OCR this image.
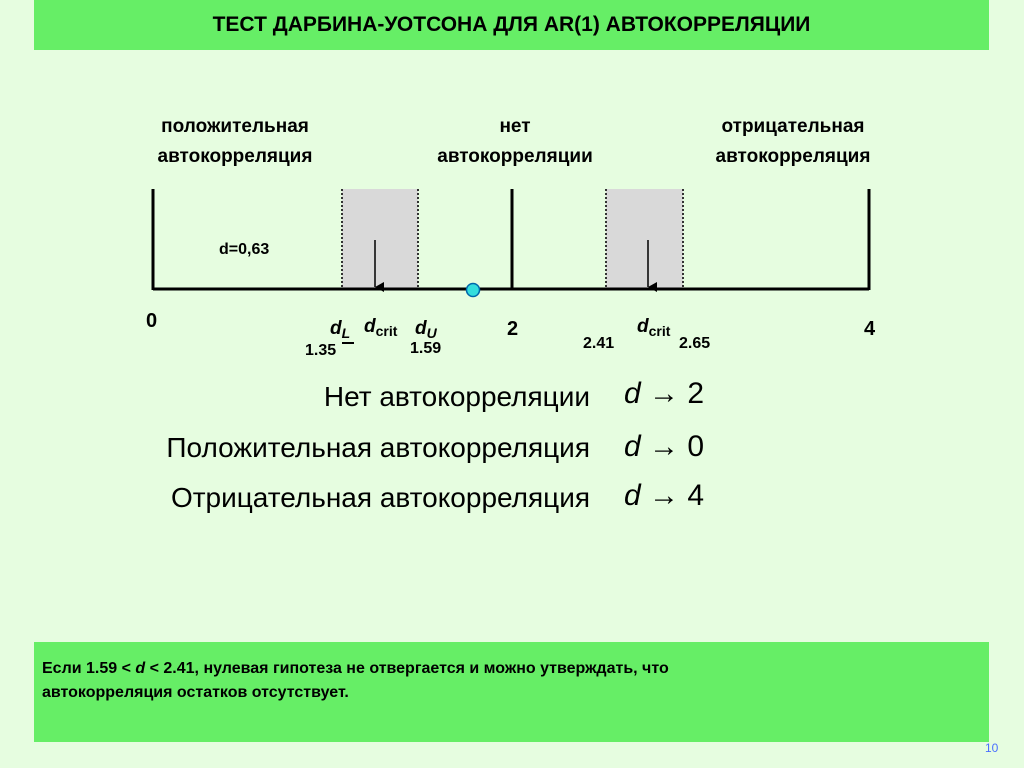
ТЕСТ ДАРБИНА-УОТСОНА ДЛЯ AR(1) АВТОКОРРЕЛЯЦИИ
положительная
автокорреляция
нет
автокорреляции
отрицательная
автокорреляция
d=0,63
0	2	4
$d_L$ $d_{crit}$ $d_U$
1.35	1.59	2.41
$d_{crit}$
2.65
Нет автокорреляции d → 2
Положительная автокорреляция d → 0
Отрицательная автокорреляция d → 4
Если 1.59 < d < 2.41, нулевая гипотеза не отвергается и можно утверждать, что
автокорреляция остатков отсутствует.
10
